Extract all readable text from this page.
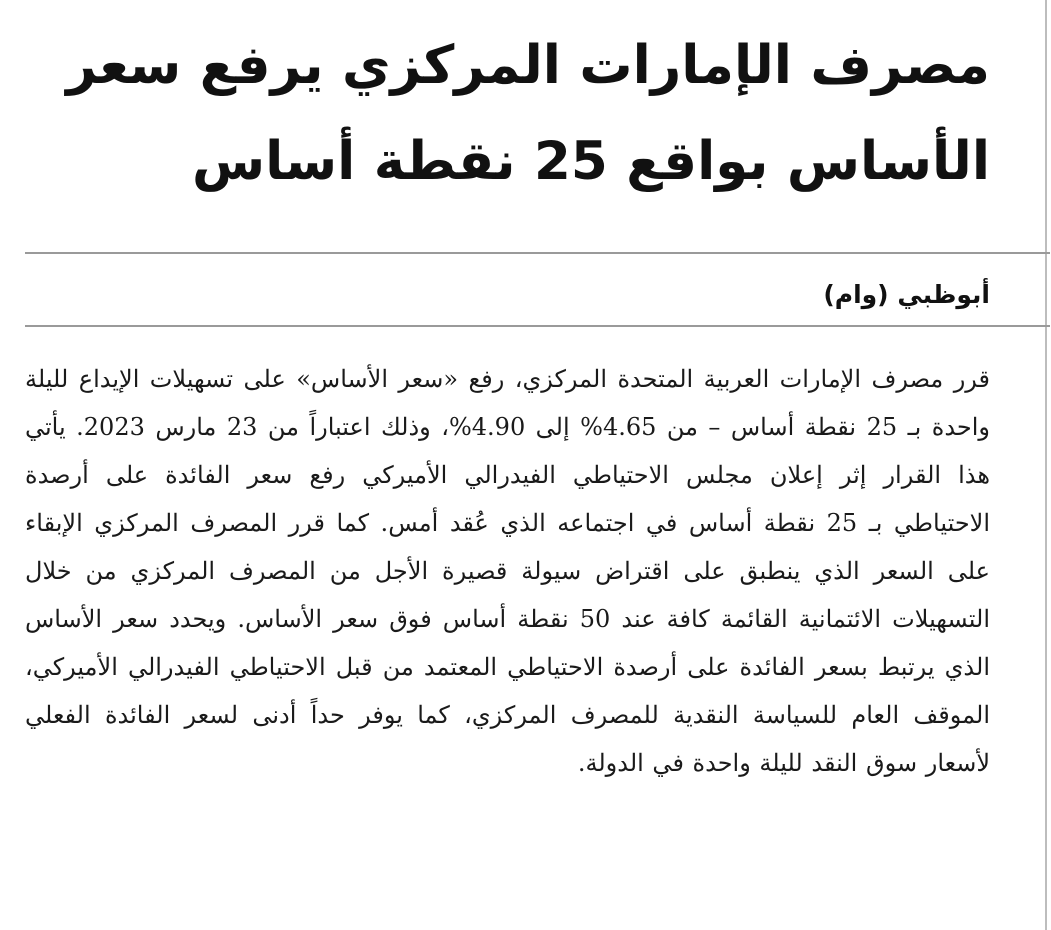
مصرف الإمارات المركزي يرفع سعر الأساس بواقع 25 نقطة أساس

أبوظبي (وام)

قرر مصرف الإمارات العربية المتحدة المركزي، رفع «سعر الأساس» على تسهيلات الإيداع لليلة واحدة بـ 25 نقطة أساس – من 4.65% إلى 4.90%، وذلك اعتباراً من 23 مارس 2023. يأتي هذا القرار إثر إعلان مجلس الاحتياطي الفيدرالي الأميركي رفع سعر الفائدة على أرصدة الاحتياطي بـ 25 نقطة أساس في اجتماعه الذي عُقد أمس. كما قرر المصرف المركزي الإبقاء على السعر الذي ينطبق على اقتراض سيولة قصيرة الأجل من المصرف المركزي من خلال التسهيلات الائتمانية القائمة كافة عند 50 نقطة أساس فوق سعر الأساس. ويحدد سعر الأساس الذي يرتبط بسعر الفائدة على أرصدة الاحتياطي المعتمد من قبل الاحتياطي الفيدرالي الأميركي، الموقف العام للسياسة النقدية للمصرف المركزي، كما يوفر حداً أدنى لسعر الفائدة الفعلي لأسعار سوق النقد لليلة واحدة في الدولة.
